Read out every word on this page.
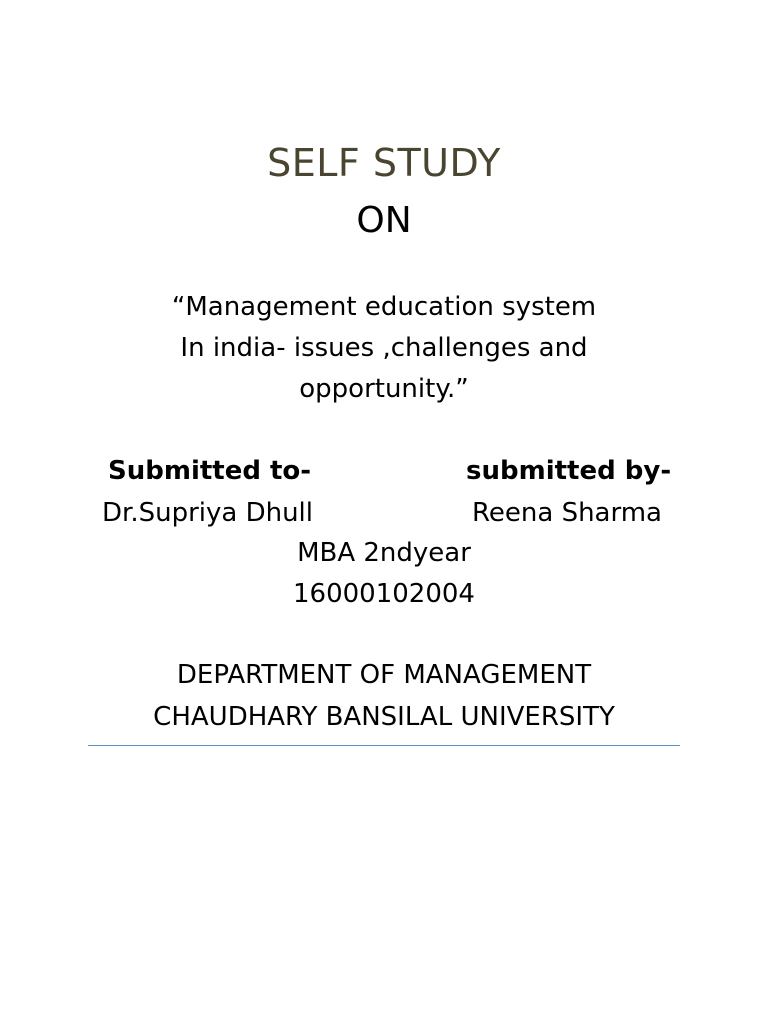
SELF STUDY
ON
“Management education system
In india- issues ,challenges and
opportunity.”
Submitted to-	submitted by-
Dr.Supriya Dhull	Reena Sharma
MBA 2ndyear
16000102004
DEPARTMENT OF MANAGEMENT
CHAUDHARY BANSILAL UNIVERSITY
